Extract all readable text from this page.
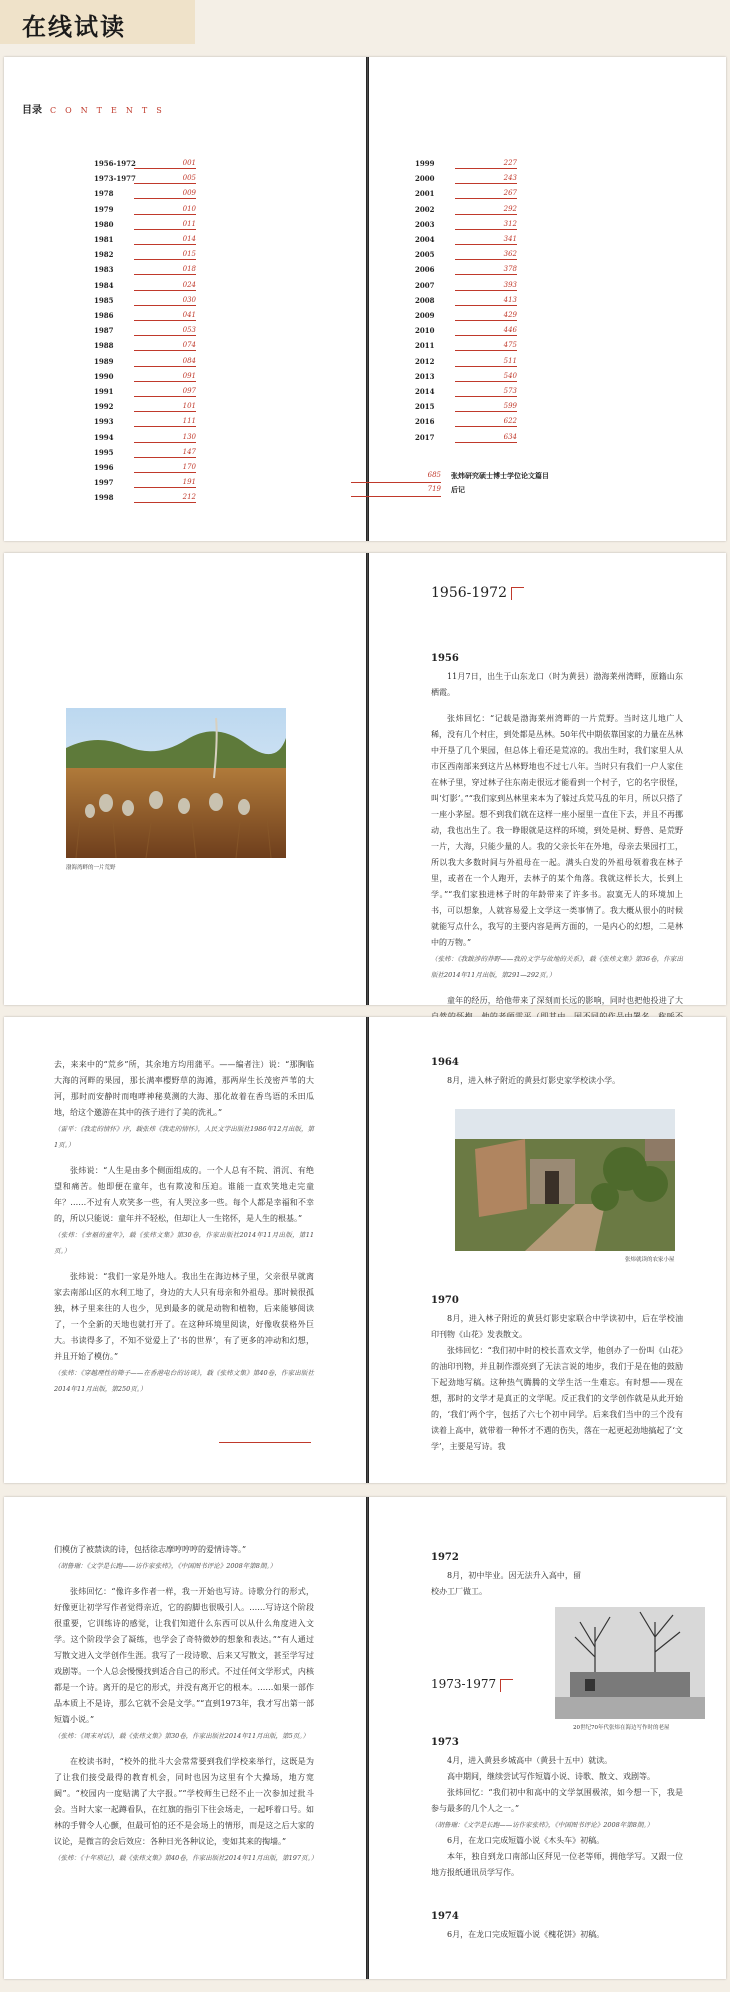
在线试读
目录 CONTENTS
1956-1972	001
1973-1977	005
1978	009
1979	010
1980	011
1981	014
1982	015
1983	018
1984	024
1985	030
1986	041
1987	053
1988	074
1989	084
1990	091
1991	097
1992	101
1993	111
1994	130
1995	147
1996	170
1997	191
1998	212
1999	227
2000	243
2001	267
2002	292
2003	312
2004	341
2005	362
2006	378
2007	393
2008	413
2009	429
2010	446
2011	475
2012	511
2013	540
2014	573
2015	599
2016	622
2017	634
685 张炜研究硕士博士学位论文篇目
719 后记
渤海湾畔的一片荒野
1956-1972
1956

11月7日，出生于山东龙口（时为黄县）渤海莱州湾畔，原籍山东栖霞。

张炜回忆：“记载是渤海莱州湾畔的一片荒野。当时这儿地广人稀，没有几个村庄，到处都是丛林。50年代中期依靠国家的力量在丛林中开垦了几个果园，但总体上看还是荒凉的。我出生时，我们家里人从市区西南部来到这片丛林野地也不过七八年。当时只有我们一户人家住在林子里，穿过林子往东南走很远才能看到一个村子，它的名字很怪，叫‘灯影’。”“我们家到丛林里来本为了躲过兵荒马乱的年月，所以只搭了一座小茅屋。想不到我们就在这样一座小屋里一直住下去，并且不再挪动，我也出生了。我一睁眼就是这样的环境，到处是树、野兽、是荒野一片，大海，只能少量的人。我的父亲长年在外地，母亲去果园打工，所以我大多数时间与外祖母在一起。满头白发的外祖母领着我在林子里，或者在一个人跑开，去林子的某个角落。我就这样长大，长到上学。”“我们家独进林子时的年龄带来了许多书。寂寞无人的环境加上书，可以想象，人就容易爱上文学这一类事情了。我大概从很小的时候就能写点什么，我写的主要内容是两方面的，一是内心的幻想，二是林中的万物。”

（张炜：《我跋涉的莽野——我的文学与故地的关系》，载《张炜文集》第36卷，作家出版社2014年11月出版，第291—292页。）

童年的经历，给他带来了深刻而长远的影响，同时也把他投进了大

去，来来中的“荒乡”所，其余地方均用蒲平。——编者注）说：“那胸临大海的河畔的果园，那长满率樱野草的海滩，那两岸生长茂密芦苇的大河，那时而安静时而咆哮神秘莫测的大海、那化故着在香鸟语的禾田瓜地，给这个邀游在其中的孩子进行了美的洗礼。”

（雷平：《我走的情怀》序，载张炜《我走的情怀》，人民文学出版社1986年12月出版，第1页。）

张炜说：“人生是由多个侧面组成的。一个人总有不院、消沉、有绝望和痛苦。他即便在童年，也有欺凌和压迫。谁能一直欢笑地走完童年？……不过有人欢笑多一些，有人哭泣多一些。每个人都是幸福和不幸的，所以只能说：童年并不轻松，但却让人一生铭怀，是人生的根基。”

（张炜：《幸福的童年》，载《张炜文集》第30卷，作家出版社2014年11月出版，第11页。）

张炜说：“我们一家是外地人。我出生在海边林子里，父亲很早就离家去南部山区的水利工地了，身边的大人只有母亲和外祖母。那时候很孤独，林子里来往的人也少，见到最多的就是动物和植物，后来能够阅读了，一个全新的天地也就打开了。在这种环境里阅读，好像收获格外巨大。书读得多了，不知不觉爱上了‘书的世界’，有了更多的冲动和幻想，并且开始了模仿。”

（张炜：《穿越理性的筛子——在香港电台的访谈》，载《张炜文集》第40卷，作家出版社2014年11月出版，第250页。）

1964

8月，进入林子附近的黄县灯影史家学校读小学。

张炜就读的农家小屋
1970

8月，进入林子附近的黄县灯影史家联合中学读初中，后在学校油印刊物《山花》发表散文。

张炜回忆：“我们初中时的校长喜欢文学，他创办了一份叫《山花》的油印刊物，并且制作漂亮到了无法言说的地步，我们于是在他的鼓励下起劲地写稿。这种热气腾腾的文学生活一生难忘。有时想——现在想，那时的文学才是真正的文学呢。反正我们的文学创作就是从此开始的，‘我们’两个字，包括了六七个初中同学。后来我们当中的三个没有读着上高中，就带着一种怀才不遇的伤失，落在一起更起劲地搞起了‘文学’，主要是写诗。我

们模仿了被禁读的诗，包括徐志摩哼哼哼的爱情诗等。”

（胡鲁瑞：《文学是长跑——访作家张炜》，《中国图书评论》2008年第8期。）

张炜回忆：“像许多作者一样，我一开始也写诗。诗歌分行的形式，好像更让初学写作者觉得亲近，它的韵脚也很吸引人。……写诗这个阶段很重要，它训练诗的感觉，让我们知道什么东西可以从什么角度进入文学。这个阶段学会了凝练，也学会了奇特微妙的想象和表达。”“有人通过写散文进入文学创作生涯。我写了一段诗歌、后来又写散文，甚至学写过戏剧等。一个人总会慢慢找到适合自己的形式。不过任何文学形式，内核都是一个诗。离开的是它的形式，并没有离开它的根本。……如果一部作品本质上不是诗，那么它就不会是文学。”“直到1973年，我才写出第一部短篇小说。”

（张炜：《周末对话》，载《张炜文集》第30卷，作家出版社2014年11月出版，第5页。）

在校读书时，“校外的批斗大会常常要到我们学校来举行，这既是为了让我们接受最得的教育机会，同时也因为这里有个大操场，地方宽阔”。“校园内一度贴满了大字报。”“学校师生已经不止一次参加过批斗会。当时大家一起蹲看队，在红旗的指引下往会场走，一起呼着口号。如林的手臂令人心颤，但最可怕的还不是会场上的情形，而是这之后大家的议论，是微言的会后效应：各种日光各种议论，变如其来的掏墙。”

（张炜：《十年琐记》，载《张炜文集》第40卷，作家出版社2014年11月出版，第197页。）

1972

8月，初中毕业。因无法升入高中，留校办工厂做工。

20世纪70年代张炜在海边写作时的老屋
1973-1977
1973

4月，进入黄县乡城高中（黄县十五中）就读。

高中期间，继续尝试写作短篇小说、诗歌、散文、戏剧等。

张炜回忆：“我们初中和高中的文学氛围极浓，如今想一下，我是参与最多的几个人之一。”

（胡鲁瑞：《文学是长跑——访作家张炜》，《中国图书评论》2008年第8期。）

6月，在龙口完成短篇小说《木头车》初稿。

本年，独自到龙口南部山区拜见一位老等师，拥他学写。又跟一位地方报纸通讯员学写作。

1974

6月，在龙口完成短篇小说《槐花饼》初稿。
